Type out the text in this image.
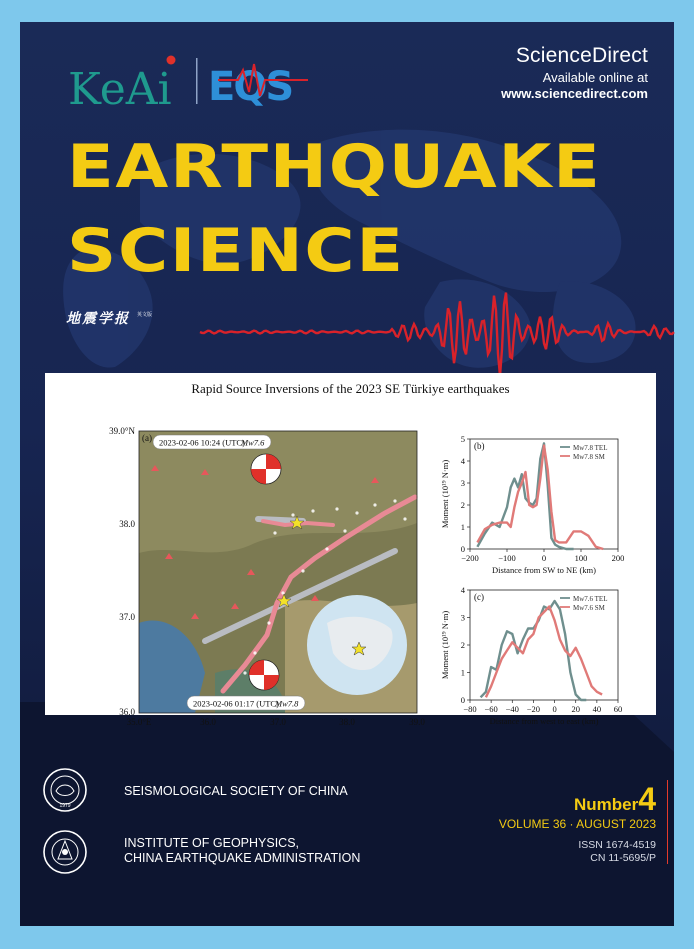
KeAi EQS
ScienceDirect
Available online at
www.sciencedirect.com
EARTHQUAKE
SCIENCE
地震学报 英文版
Rapid Source Inversions of the 2023 SE Türkiye earthquakes
(a) 2023-02-06 10:24 (UTC)
Mw7.6
2023-02-06 01:17 (UTC)
Mw7.8
39.0°N
38.0
37.0
36.0
35.0°E	36.0	37.0	38.0	39.0
−200 −100	0	100	200
0
1
2
3
4
5
(b)	Mw7.8 TEL
Mw7.8 SM
Distance from SW to NE (km)
Moment (10¹⁹ N·m)
−80 −60 −40 −20 0 20 40 60
0
1
2
3
4
(c)	Mw7.6 TEL
Mw7.6 SM
Distance from west to east (km)
Moment (10¹⁹ N·m)
1979
SEISMOLOGICAL SOCIETY OF CHINA
INSTITUTE OF GEOPHYSICS,
CHINA EARTHQUAKE ADMINISTRATION
Number4
VOLUME 36 · AUGUST 2023
ISSN 1674-4519
CN 11-5695/P
